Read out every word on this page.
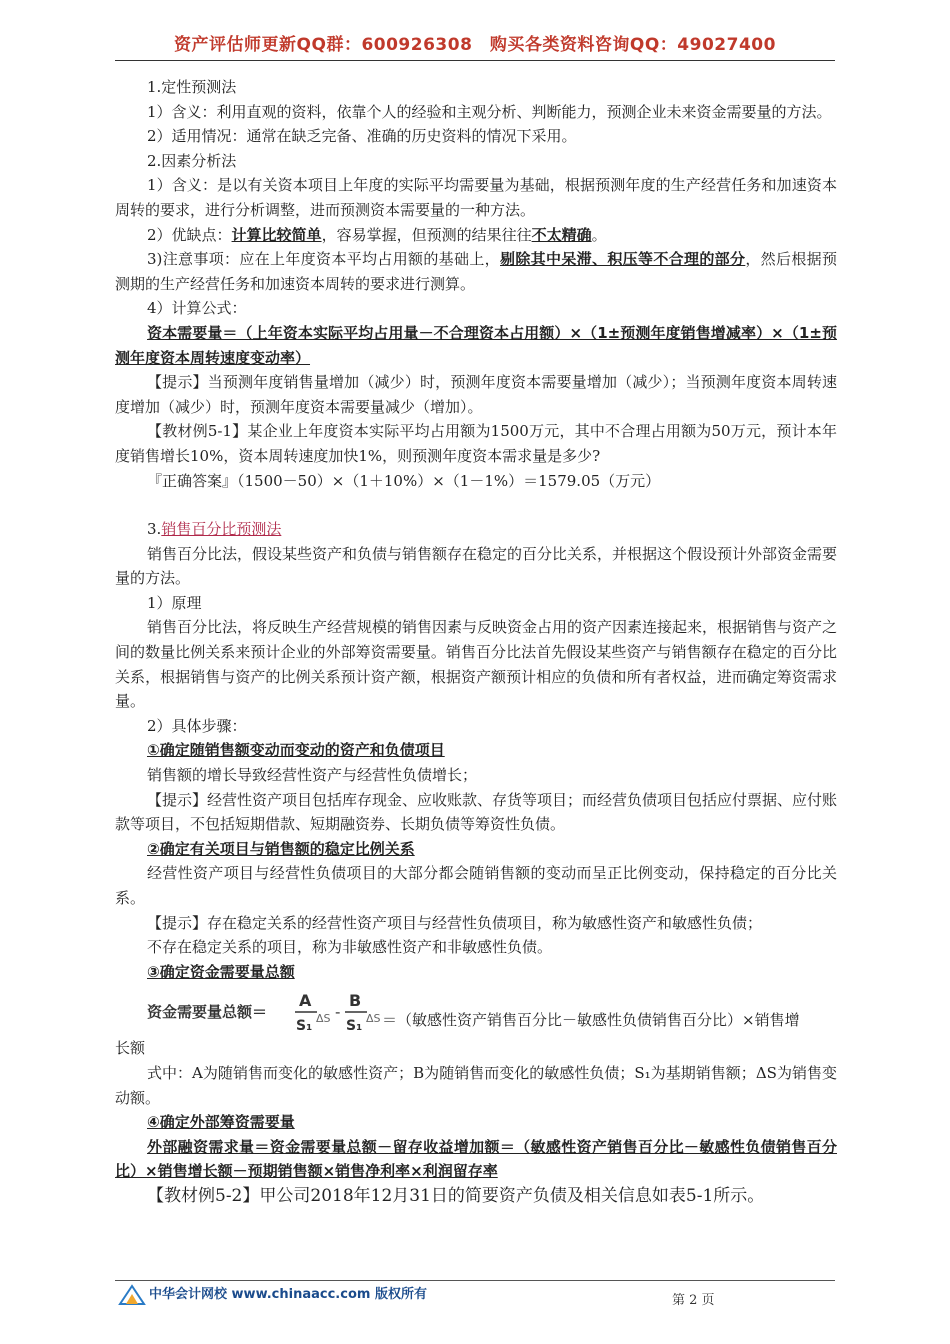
资产评估师更新QQ群：600926308　购买各类资料咨询QQ：49027400

1.定性预测法

1）含义：利用直观的资料，依靠个人的经验和主观分析、判断能力，预测企业未来资金需要量的方法。

2）适用情况：通常在缺乏完备、准确的历史资料的情况下采用。

2.因素分析法

1）含义：是以有关资本项目上年度的实际平均需要量为基础，根据预测年度的生产经营任务和加速资本周转的要求，进行分析调整，进而预测资本需要量的一种方法。

2）优缺点：计算比较简单，容易掌握，但预测的结果往往不太精确。

3)注意事项：应在上年度资本平均占用额的基础上，剔除其中呆滞、积压等不合理的部分，然后根据预测期的生产经营任务和加速资本周转的要求进行测算。

4）计算公式：

资本需要量＝（上年资本实际平均占用量－不合理资本占用额）×（1±预测年度销售增减率）×（1±预测年度资本周转速度变动率）

【提示】当预测年度销售量增加（减少）时，预测年度资本需要量增加（减少）；当预测年度资本周转速度增加（减少）时，预测年度资本需要量减少（增加）。

【教材例5-1】某企业上年度资本实际平均占用额为1500万元，其中不合理占用额为50万元，预计本年度销售增长10%，资本周转速度加快1%，则预测年度资本需求量是多少?

『正确答案』（1500－50）×（1＋10%）×（1－1%）＝1579.05（万元）

3.销售百分比预测法

销售百分比法，假设某些资产和负债与销售额存在稳定的百分比关系，并根据这个假设预计外部资金需要量的方法。

1）原理

销售百分比法，将反映生产经营规模的销售因素与反映资金占用的资产因素连接起来，根据销售与资产之间的数量比例关系来预计企业的外部筹资需要量。销售百分比法首先假设某些资产与销售额存在稳定的百分比关系，根据销售与资产的比例关系预计资产额，根据资产额预计相应的负债和所有者权益，进而确定筹资需求量。

2）具体步骤：

①确定随销售额变动而变动的资产和负债项目

销售额的增长导致经营性资产与经营性负债增长；

【提示】经营性资产项目包括库存现金、应收账款、存货等项目；而经营负债项目包括应付票据、应付账款等项目，不包括短期借款、短期融资券、长期负债等筹资性负债。

②确定有关项目与销售额的稳定比例关系

经营性资产项目与经营性负债项目的大部分都会随销售额的变动而呈正比例变动，保持稳定的百分比关系。

【提示】存在稳定关系的经营性资产项目与经营性负债项目，称为敏感性资产和敏感性负债；

不存在稳定关系的项目，称为非敏感性资产和非敏感性负债。

③确定资金需要量总额

资金需要量总额＝
A
S₁ ΔS -
B
S₁ ΔS ＝（敏感性资产销售百分比－敏感性负债销售百分比）×销售增

长额

式中：A为随销售而变化的敏感性资产；B为随销售而变化的敏感性负债；S₁为基期销售额；ΔS为销售变动额。

④确定外部筹资需要量

外部融资需求量＝资金需要量总额－留存收益增加额＝（敏感性资产销售百分比－敏感性负债销售百分比）×销售增长额－预期销售额×销售净利率×利润留存率

【教材例5-2】甲公司2018年12月31日的简要资产负债及相关信息如表5-1所示。

中华会计网校 www.chinaacc.com 版权所有	第 2 页
